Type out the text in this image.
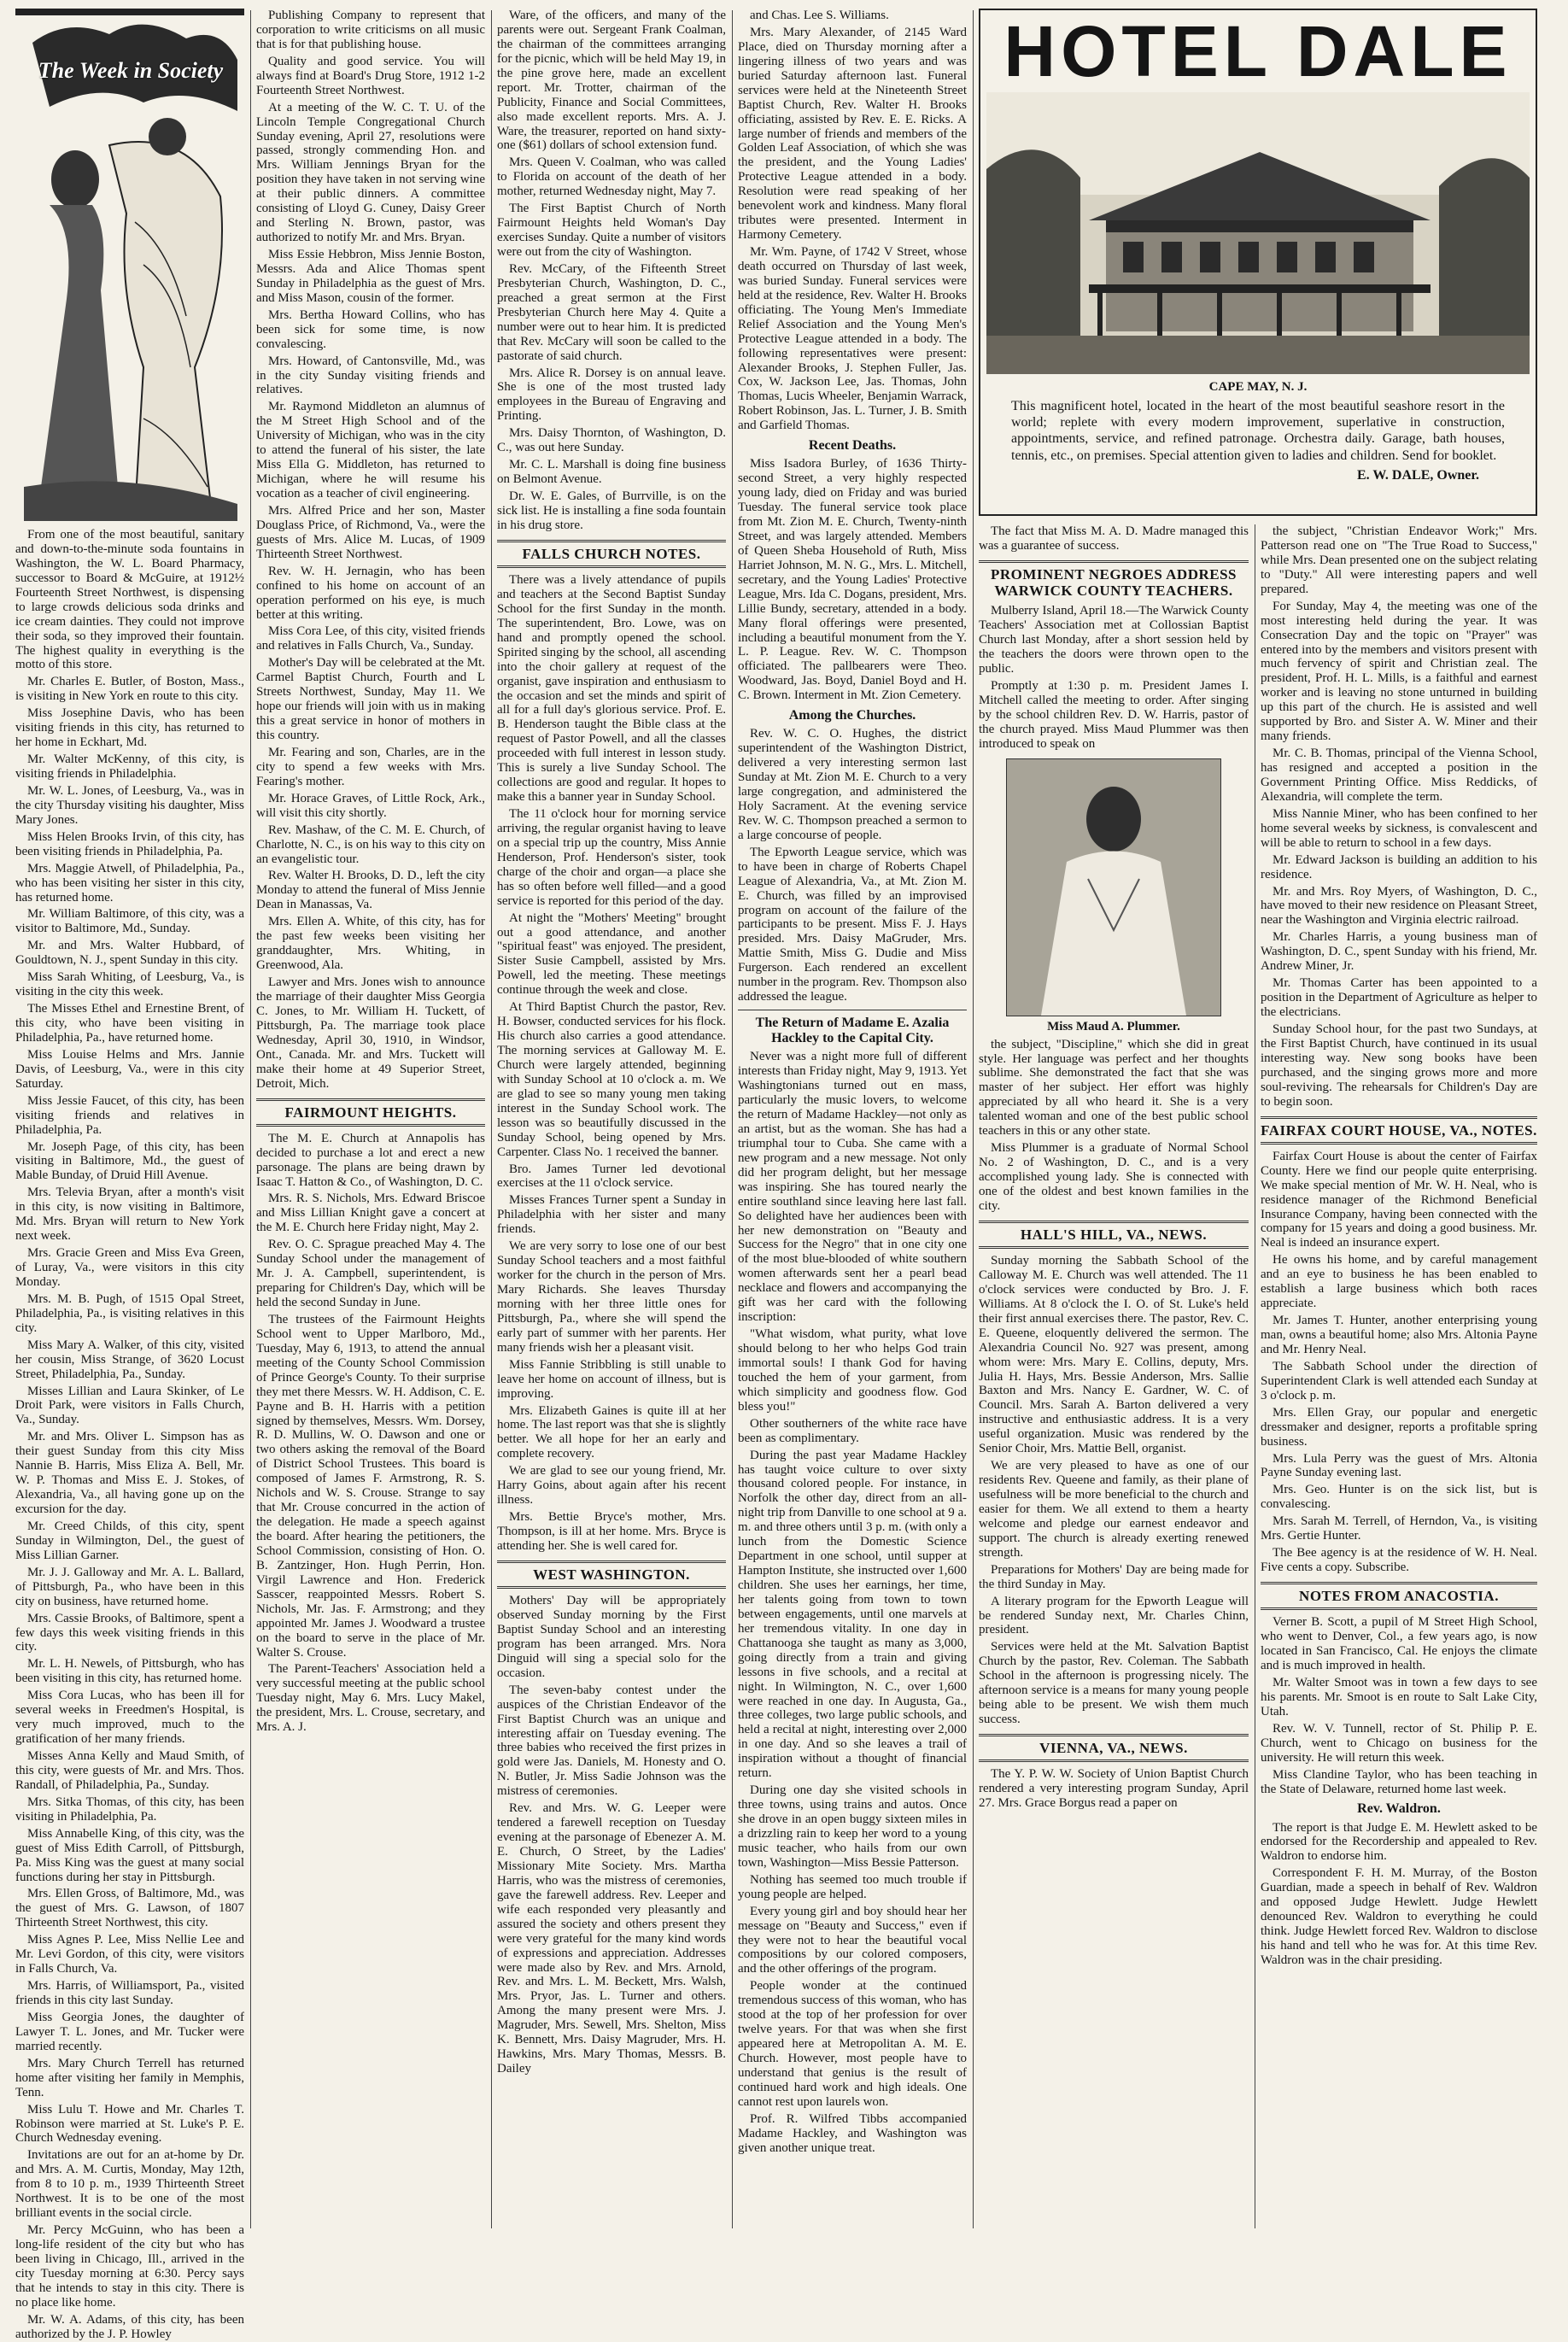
The Week in Society

From one of the most beautiful, sanitary and down-to-the-minute soda fountains in Washington, the W. L. Board Pharmacy, successor to Board & McGuire, at 1912½ Fourteenth Street Northwest, is dispensing to large crowds delicious soda drinks and ice cream dainties. They could not improve their soda, so they improved their fountain. The highest quality in everything is the motto of this store.

Mr. Charles E. Butler, of Boston, Mass., is visiting in New York en route to this city.

Miss Josephine Davis, who has been visiting friends in this city, has returned to her home in Eckhart, Md.

Mr. Walter McKenny, of this city, is visiting friends in Philadelphia.

Mr. W. L. Jones, of Leesburg, Va., was in the city Thursday visiting his daughter, Miss Mary Jones.

Miss Helen Brooks Irvin, of this city, has been visiting friends in Philadelphia, Pa.

Mrs. Maggie Atwell, of Philadelphia, Pa., who has been visiting her sister in this city, has returned home.

Mr. William Baltimore, of this city, was a visitor to Baltimore, Md., Sunday.

Mr. and Mrs. Walter Hubbard, of Gouldtown, N. J., spent Sunday in this city.

Miss Sarah Whiting, of Leesburg, Va., is visiting in the city this week.

The Misses Ethel and Ernestine Brent, of this city, who have been visiting in Philadelphia, Pa., have returned home.

Miss Louise Helms and Mrs. Jannie Davis, of Leesburg, Va., were in this city Saturday.

Miss Jessie Faucet, of this city, has been visiting friends and relatives in Philadelphia, Pa.

Mr. Joseph Page, of this city, has been visiting in Baltimore, Md., the guest of Mable Bunday, of Druid Hill Avenue.

Mrs. Televia Bryan, after a month's visit in this city, is now visiting in Baltimore, Md. Mrs. Bryan will return to New York next week.

Mrs. Gracie Green and Miss Eva Green, of Luray, Va., were visitors in this city Monday.

Mrs. M. B. Pugh, of 1515 Opal Street, Philadelphia, Pa., is visiting relatives in this city.

Miss Mary A. Walker, of this city, visited her cousin, Miss Strange, of 3620 Locust Street, Philadelphia, Pa., Sunday.

Misses Lillian and Laura Skinker, of Le Droit Park, were visitors in Falls Church, Va., Sunday.

Mr. and Mrs. Oliver L. Simpson has as their guest Sunday from this city Miss Nannie B. Harris, Miss Eliza A. Bell, Mr. W. P. Thomas and Miss E. J. Stokes, of Alexandria, Va., all having gone up on the excursion for the day.

Mr. Creed Childs, of this city, spent Sunday in Wilmington, Del., the guest of Miss Lillian Garner.

Mr. J. J. Galloway and Mr. A. L. Ballard, of Pittsburgh, Pa., who have been in this city on business, have returned home.

Mrs. Cassie Brooks, of Baltimore, spent a few days this week visiting friends in this city.

Mr. L. H. Newels, of Pittsburgh, who has been visiting in this city, has returned home.

Miss Cora Lucas, who has been ill for several weeks in Freedmen's Hospital, is very much improved, much to the gratification of her many friends.

Misses Anna Kelly and Maud Smith, of this city, were guests of Mr. and Mrs. Thos. Randall, of Philadelphia, Pa., Sunday.

Mrs. Sitka Thomas, of this city, has been visiting in Philadelphia, Pa.

Miss Annabelle King, of this city, was the guest of Miss Edith Carroll, of Pittsburgh, Pa. Miss King was the guest at many social functions during her stay in Pittsburgh.

Mrs. Ellen Gross, of Baltimore, Md., was the guest of Mrs. G. Lawson, of 1807 Thirteenth Street Northwest, this city.

Miss Agnes P. Lee, Miss Nellie Lee and Mr. Levi Gordon, of this city, were visitors in Falls Church, Va.

Mrs. Harris, of Williamsport, Pa., visited friends in this city last Sunday.

Miss Georgia Jones, the daughter of Lawyer T. L. Jones, and Mr. Tucker were married recently.

Mrs. Mary Church Terrell has returned home after visiting her family in Memphis, Tenn.

Miss Lulu T. Howe and Mr. Charles T. Robinson were married at St. Luke's P. E. Church Wednesday evening.

Invitations are out for an at-home by Dr. and Mrs. A. M. Curtis, Monday, May 12th, from 8 to 10 p. m., 1939 Thirteenth Street Northwest. It is to be one of the most brilliant events in the social circle.

Mr. Percy McGuinn, who has been a long-life resident of the city but who has been living in Chicago, Ill., arrived in the city Tuesday morning at 6:30. Percy says that he intends to stay in this city. There is no place like home.

Mr. W. A. Adams, of this city, has been authorized by the J. P. Howley

Publishing Company to represent that corporation to write criticisms on all music that is for that publishing house.

Quality and good service. You will always find at Board's Drug Store, 1912 1-2 Fourteenth Street Northwest.

At a meeting of the W. C. T. U. of the Lincoln Temple Congregational Church Sunday evening, April 27, resolutions were passed, strongly commending Hon. and Mrs. William Jennings Bryan for the position they have taken in not serving wine at their public dinners. A committee consisting of Lloyd G. Cuney, Daisy Greer and Sterling N. Brown, pastor, was authorized to notify Mr. and Mrs. Bryan.

Miss Essie Hebbron, Miss Jennie Boston, Messrs. Ada and Alice Thomas spent Sunday in Philadelphia as the guest of Mrs. and Miss Mason, cousin of the former.

Mrs. Bertha Howard Collins, who has been sick for some time, is now convalescing.

Mrs. Howard, of Cantonsville, Md., was in the city Sunday visiting friends and relatives.

Mr. Raymond Middleton an alumnus of the M Street High School and of the University of Michigan, who was in the city to attend the funeral of his sister, the late Miss Ella G. Middleton, has returned to Michigan, where he will resume his vocation as a teacher of civil engineering.

Mrs. Alfred Price and her son, Master Douglass Price, of Richmond, Va., were the guests of Mrs. Alice M. Lucas, of 1909 Thirteenth Street Northwest.

Rev. W. H. Jernagin, who has been confined to his home on account of an operation performed on his eye, is much better at this writing.

Miss Cora Lee, of this city, visited friends and relatives in Falls Church, Va., Sunday.

Mother's Day will be celebrated at the Mt. Carmel Baptist Church, Fourth and L Streets Northwest, Sunday, May 11. We hope our friends will join with us in making this a great service in honor of mothers in this country.

Mr. Fearing and son, Charles, are in the city to spend a few weeks with Mrs. Fearing's mother.

Mr. Horace Graves, of Little Rock, Ark., will visit this city shortly.

Rev. Mashaw, of the C. M. E. Church, of Charlotte, N. C., is on his way to this city on an evangelistic tour.

Rev. Walter H. Brooks, D. D., left the city Monday to attend the funeral of Miss Jennie Dean in Manassas, Va.

Mrs. Ellen A. White, of this city, has for the past few weeks been visiting her granddaughter, Mrs. Whiting, in Greenwood, Ala.

Lawyer and Mrs. Jones wish to announce the marriage of their daughter Miss Georgia C. Jones, to Mr. William H. Tuckett, of Pittsburgh, Pa. The marriage took place Wednesday, April 30, 1910, in Windsor, Ont., Canada. Mr. and Mrs. Tuckett will make their home at 49 Superior Street, Detroit, Mich.

FAIRMOUNT HEIGHTS.

The M. E. Church at Annapolis has decided to purchase a lot and erect a new parsonage. The plans are being drawn by Isaac T. Hatton & Co., of Washington, D. C.

Mrs. R. S. Nichols, Mrs. Edward Briscoe and Miss Lillian Knight gave a concert at the M. E. Church here Friday night, May 2.

Rev. O. C. Sprague preached May 4. The Sunday School under the management of Mr. J. A. Campbell, superintendent, is preparing for Children's Day, which will be held the second Sunday in June.

The trustees of the Fairmount Heights School went to Upper Marlboro, Md., Tuesday, May 6, 1913, to attend the annual meeting of the County School Commission of Prince George's County. To their surprise they met there Messrs. W. H. Addison, C. E. Payne and B. H. Harris with a petition signed by themselves, Messrs. Wm. Dorsey, R. D. Mullins, W. O. Dawson and one or two others asking the removal of the Board of District School Trustees. This board is composed of James F. Armstrong, R. S. Nichols and W. S. Crouse. Strange to say that Mr. Crouse concurred in the action of the delegation. He made a speech against the board. After hearing the petitioners, the School Commission, consisting of Hon. O. B. Zantzinger, Hon. Hugh Perrin, Hon. Virgil Lawrence and Hon. Frederick Sasscer, reappointed Messrs. Robert S. Nichols, Mr. Jas. F. Armstrong; and they appointed Mr. James J. Woodward a trustee on the board to serve in the place of Mr. Walter S. Crouse.

The Parent-Teachers' Association held a very successful meeting at the public school Tuesday night, May 6. Mrs. Lucy Makel, the president, Mrs. L. Crouse, secretary, and Mrs. A. J.

Ware, of the officers, and many of the parents were out. Sergeant Frank Coalman, the chairman of the committees arranging for the picnic, which will be held May 19, in the pine grove here, made an excellent report. Mr. Trotter, chairman of the Publicity, Finance and Social Committees, also made excellent reports. Mrs. A. J. Ware, the treasurer, reported on hand sixty-one ($61) dollars of school extension fund.

Mrs. Queen V. Coalman, who was called to Florida on account of the death of her mother, returned Wednesday night, May 7.

The First Baptist Church of North Fairmount Heights held Woman's Day exercises Sunday. Quite a number of visitors were out from the city of Washington.

Rev. McCary, of the Fifteenth Street Presbyterian Church, Washington, D. C., preached a great sermon at the First Presbyterian Church here May 4. Quite a number were out to hear him. It is predicted that Rev. McCary will soon be called to the pastorate of said church.

Mrs. Alice R. Dorsey is on annual leave. She is one of the most trusted lady employees in the Bureau of Engraving and Printing.

Mrs. Daisy Thornton, of Washington, D. C., was out here Sunday.

Mr. C. L. Marshall is doing fine business on Belmont Avenue.

Dr. W. E. Gales, of Burrville, is on the sick list. He is installing a fine soda fountain in his drug store.

FALLS CHURCH NOTES.

There was a lively attendance of pupils and teachers at the Second Baptist Sunday School for the first Sunday in the month. The superintendent, Bro. Lowe, was on hand and promptly opened the school. Spirited singing by the school, all ascending into the choir gallery at request of the organist, gave inspiration and enthusiasm to the occasion and set the minds and spirit of all for a full day's glorious service. Prof. E. B. Henderson taught the Bible class at the request of Pastor Powell, and all the classes proceeded with full interest in lesson study. This is surely a live Sunday School. The collections are good and regular. It hopes to make this a banner year in Sunday School.

The 11 o'clock hour for morning service arriving, the regular organist having to leave on a special trip up the country, Miss Annie Henderson, Prof. Henderson's sister, took charge of the choir and organ—a place she has so often before well filled—and a good service is reported for this period of the day.

At night the "Mothers' Meeting" brought out a good attendance, and another "spiritual feast" was enjoyed. The president, Sister Susie Campbell, assisted by Mrs. Powell, led the meeting. These meetings continue through the week and close.

At Third Baptist Church the pastor, Rev. H. Bowser, conducted services for his flock. His church also carries a good attendance. The morning services at Galloway M. E. Church were largely attended, beginning with Sunday School at 10 o'clock a. m. We are glad to see so many young men taking interest in the Sunday School work. The lesson was so beautifully discussed in the Sunday School, being opened by Mrs. Carpenter. Class No. 1 received the banner.

Bro. James Turner led devotional exercises at the 11 o'clock service.

Misses Frances Turner spent a Sunday in Philadelphia with her sister and many friends.

We are very sorry to lose one of our best Sunday School teachers and a most faithful worker for the church in the person of Mrs. Mary Richards. She leaves Thursday morning with her three little ones for Pittsburgh, Pa., where she will spend the early part of summer with her parents. Her many friends wish her a pleasant visit.

Miss Fannie Stribbling is still unable to leave her home on account of illness, but is improving.

Mrs. Elizabeth Gaines is quite ill at her home. The last report was that she is slightly better. We all hope for her an early and complete recovery.

We are glad to see our young friend, Mr. Harry Goins, about again after his recent illness.

Mrs. Bettie Bryce's mother, Mrs. Thompson, is ill at her home. Mrs. Bryce is attending her. She is well cared for.

WEST WASHINGTON.

Mothers' Day will be appropriately observed Sunday morning by the First Baptist Sunday School and an interesting program has been arranged. Mrs. Nora Dinguid will sing a special solo for the occasion.

The seven-baby contest under the auspices of the Christian Endeavor of the First Baptist Church was an unique and interesting affair on Tuesday evening. The three babies who received the first prizes in gold were Jas. Daniels, M. Honesty and O. N. Butler, Jr. Miss Sadie Johnson was the mistress of ceremonies.

Rev. and Mrs. W. G. Leeper were tendered a farewell reception on Tuesday evening at the parsonage of Ebenezer A. M. E. Church, O Street, by the Ladies' Missionary Mite Society. Mrs. Martha Harris, who was the mistress of ceremonies, gave the farewell address. Rev. Leeper and wife each responded very pleasantly and assured the society and others present they were very grateful for the many kind words of expressions and appreciation. Addresses were made also by Rev. and Mrs. Arnold, Rev. and Mrs. L. M. Beckett, Mrs. Walsh, Mrs. Pryor, Jas. L. Turner and others. Among the many present were Mrs. J. Magruder, Mrs. Sewell, Mrs. Shelton, Miss K. Bennett, Mrs. Daisy Magruder, Mrs. H. Hawkins, Mrs. Mary Thomas, Messrs. B. Dailey

and Chas. Lee S. Williams.

Mrs. Mary Alexander, of 2145 Ward Place, died on Thursday morning after a lingering illness of two years and was buried Saturday afternoon last. Funeral services were held at the Nineteenth Street Baptist Church, Rev. Walter H. Brooks officiating, assisted by Rev. E. E. Ricks. A large number of friends and members of the Golden Leaf Association, of which she was the president, and the Young Ladies' Protective League attended in a body. Resolution were read speaking of her benevolent work and kindness. Many floral tributes were presented. Interment in Harmony Cemetery.

Mr. Wm. Payne, of 1742 V Street, whose death occurred on Thursday of last week, was buried Sunday. Funeral services were held at the residence, Rev. Walter H. Brooks officiating. The Young Men's Immediate Relief Association and the Young Men's Protective League attended in a body. The following representatives were present: Alexander Brooks, J. Stephen Fuller, Jas. Cox, W. Jackson Lee, Jas. Thomas, John Thomas, Lucis Wheeler, Benjamin Warrack, Robert Robinson, Jas. L. Turner, J. B. Smith and Garfield Thomas.

Recent Deaths.

Miss Isadora Burley, of 1636 Thirty-second Street, a very highly respected young lady, died on Friday and was buried Tuesday. The funeral service took place from Mt. Zion M. E. Church, Twenty-ninth Street, and was largely attended. Members of Queen Sheba Household of Ruth, Miss Harriet Johnson, M. N. G., Mrs. L. Mitchell, secretary, and the Young Ladies' Protective League, Mrs. Ida C. Dogans, president, Mrs. Lillie Bundy, secretary, attended in a body. Many floral offerings were presented, including a beautiful monument from the Y. L. P. League. Rev. W. C. Thompson officiated. The pallbearers were Theo. Woodward, Jas. Boyd, Daniel Boyd and H. C. Brown. Interment in Mt. Zion Cemetery.

Among the Churches.

Rev. W. C. O. Hughes, the district superintendent of the Washington District, delivered a very interesting sermon last Sunday at Mt. Zion M. E. Church to a very large congregation, and administered the Holy Sacrament. At the evening service Rev. W. C. Thompson preached a sermon to a large concourse of people.

The Epworth League service, which was to have been in charge of Roberts Chapel League of Alexandria, Va., at Mt. Zion M. E. Church, was filled by an improvised program on account of the failure of the participants to be present. Miss F. J. Hays presided. Mrs. Daisy MaGruder, Mrs. Mattie Smith, Miss G. Dudie and Miss Furgerson. Each rendered an excellent number in the program. Rev. Thompson also addressed the league.

The Return of Madame E. Azalia Hackley to the Capital City.

Never was a night more full of different interests than Friday night, May 9, 1913. Yet Washingtonians turned out en mass, particularly the music lovers, to welcome the return of Madame Hackley—not only as an artist, but as the woman. She has had a triumphal tour to Cuba. She came with a new program and a new message. Not only did her program delight, but her message was inspiring. She has toured nearly the entire southland since leaving here last fall. So delighted have her audiences been with her new demonstration on "Beauty and Success for the Negro" that in one city one of the most blue-blooded of white southern women afterwards sent her a pearl bead necklace and flowers and accompanying the gift was her card with the following inscription:

"What wisdom, what purity, what love should belong to her who helps God train immortal souls! I thank God for having touched the hem of your garment, from which simplicity and goodness flow. God bless you!"

Other southerners of the white race have been as complimentary.

During the past year Madame Hackley has taught voice culture to over sixty thousand colored people. For instance, in Norfolk the other day, direct from an all-night trip from Danville to one school at 9 a. m. and three others until 3 p. m. (with only a lunch from the Domestic Science Department in one school, until supper at Hampton Institute, she instructed over 1,600 children. She uses her earnings, her time, her talents going from town to town between engagements, until one marvels at her tremendous vitality. In one day in Chattanooga she taught as many as 3,000, going directly from a train and giving lessons in five schools, and a recital at night. In Wilmington, N. C., over 1,600 were reached in one day. In Augusta, Ga., three colleges, two large public schools, and held a recital at night, interesting over 2,000 in one day. And so she leaves a trail of inspiration without a thought of financial return.

During one day she visited schools in three towns, using trains and autos. Once she drove in an open buggy sixteen miles in a drizzling rain to keep her word to a young music teacher, who hails from our own town, Washington—Miss Bessie Patterson.

Nothing has seemed too much trouble if young people are helped.

Every young girl and boy should hear her message on "Beauty and Success," even if they were not to hear the beautiful vocal compositions by our colored composers, and the other offerings of the program.

People wonder at the continued tremendous success of this woman, who has stood at the top of her profession for over twelve years. For that was when she first appeared here at Metropolitan A. M. E. Church. However, most people have to understand that genius is the result of continued hard work and high ideals. One cannot rest upon laurels won.

Prof. R. Wilfred Tibbs accompanied Madame Hackley, and Washington was given another unique treat.

HOTEL DALE
CAPE MAY, N. J.
This magnificent hotel, located in the heart of the most beautiful seashore resort in the world; replete with every modern improvement, superlative in construction, appointments, service, and refined patronage. Orchestra daily. Garage, bath houses, tennis, etc., on premises. Special attention given to ladies and children. Send for booklet.
E. W. DALE, Owner.

The fact that Miss M. A. D. Madre managed this was a guarantee of success.

PROMINENT NEGROES ADDRESS WARWICK COUNTY TEACHERS.

Mulberry Island, April 18.—The Warwick County Teachers' Association met at Collossian Baptist Church last Monday, after a short session held by the teachers the doors were thrown open to the public.

Promptly at 1:30 p. m. President James I. Mitchell called the meeting to order. After singing by the school children Rev. D. W. Harris, pastor of the church prayed. Miss Maud Plummer was then introduced to speak on

Miss Maud A. Plummer.

the subject, "Discipline," which she did in great style. Her language was perfect and her thoughts sublime. She demonstrated the fact that she was master of her subject. Her effort was highly appreciated by all who heard it. She is a very talented woman and one of the best public school teachers in this or any other state.

Miss Plummer is a graduate of Normal School No. 2 of Washington, D. C., and is a very accomplished young lady. She is connected with one of the oldest and best known families in the city.

HALL'S HILL, VA., NEWS.

Sunday morning the Sabbath School of the Calloway M. E. Church was well attended. The 11 o'clock services were conducted by Bro. J. F. Williams. At 8 o'clock the I. O. of St. Luke's held their first annual exercises there. The pastor, Rev. C. E. Queene, eloquently delivered the sermon. The Alexandria Council No. 927 was present, among whom were: Mrs. Mary E. Collins, deputy, Mrs. Julia H. Hays, Mrs. Bessie Anderson, Mrs. Sallie Baxton and Mrs. Nancy E. Gardner, W. C. of Council. Mrs. Sarah A. Barton delivered a very instructive and enthusiastic address. It is a very useful organization. Music was rendered by the Senior Choir, Mrs. Mattie Bell, organist.

We are very pleased to have as one of our residents Rev. Queene and family, as their plane of usefulness will be more beneficial to the church and easier for them. We all extend to them a hearty welcome and pledge our earnest endeavor and support. The church is already exerting renewed strength.

Preparations for Mothers' Day are being made for the third Sunday in May.

A literary program for the Epworth League will be rendered Sunday next, Mr. Charles Chinn, president.

Services were held at the Mt. Salvation Baptist Church by the pastor, Rev. Coleman. The Sabbath School in the afternoon is progressing nicely. The afternoon service is a means for many young people being able to be present. We wish them much success.

VIENNA, VA., NEWS.

The Y. P. W. W. Society of Union Baptist Church rendered a very interesting program Sunday, April 27. Mrs. Grace Borgus read a paper on

the subject, "Christian Endeavor Work;" Mrs. Patterson read one on "The True Road to Success," while Mrs. Dean presented one on the subject relating to "Duty." All were interesting papers and well prepared.

For Sunday, May 4, the meeting was one of the most interesting held during the year. It was Consecration Day and the topic on "Prayer" was entered into by the members and visitors present with much fervency of spirit and Christian zeal. The president, Prof. H. L. Mills, is a faithful and earnest worker and is leaving no stone unturned in building up this part of the church. He is assisted and well supported by Bro. and Sister A. W. Miner and their many friends.

Mr. C. B. Thomas, principal of the Vienna School, has resigned and accepted a position in the Government Printing Office. Miss Reddicks, of Alexandria, will complete the term.

Miss Nannie Miner, who has been confined to her home several weeks by sickness, is convalescent and will be able to return to school in a few days.

Mr. Edward Jackson is building an addition to his residence.

Mr. and Mrs. Roy Myers, of Washington, D. C., have moved to their new residence on Pleasant Street, near the Washington and Virginia electric railroad.

Mr. Charles Harris, a young business man of Washington, D. C., spent Sunday with his friend, Mr. Andrew Miner, Jr.

Mr. Thomas Carter has been appointed to a position in the Department of Agriculture as helper to the electricians.

Sunday School hour, for the past two Sundays, at the First Baptist Church, have continued in its usual interesting way. New song books have been purchased, and the singing grows more and more soul-reviving. The rehearsals for Children's Day are to begin soon.

FAIRFAX COURT HOUSE, VA., NOTES.

Fairfax Court House is about the center of Fairfax County. Here we find our people quite enterprising. We make special mention of Mr. W. H. Neal, who is residence manager of the Richmond Beneficial Insurance Company, having been connected with the company for 15 years and doing a good business. Mr. Neal is indeed an insurance expert.

He owns his home, and by careful management and an eye to business he has been enabled to establish a large business which both races appreciate.

Mr. James T. Hunter, another enterprising young man, owns a beautiful home; also Mrs. Altonia Payne and Mr. Henry Neal.

The Sabbath School under the direction of Superintendent Clark is well attended each Sunday at 3 o'clock p. m.

Mrs. Ellen Gray, our popular and energetic dressmaker and designer, reports a profitable spring business.

Mrs. Lula Perry was the guest of Mrs. Altonia Payne Sunday evening last.

Mrs. Geo. Hunter is on the sick list, but is convalescing.

Mrs. Sarah M. Terrell, of Herndon, Va., is visiting Mrs. Gertie Hunter.

The Bee agency is at the residence of W. H. Neal. Five cents a copy. Subscribe.

NOTES FROM ANACOSTIA.

Verner B. Scott, a pupil of M Street High School, who went to Denver, Col., a few years ago, is now located in San Francisco, Cal. He enjoys the climate and is much improved in health.

Mr. Walter Smoot was in town a few days to see his parents. Mr. Smoot is en route to Salt Lake City, Utah.

Rev. W. V. Tunnell, rector of St. Philip P. E. Church, went to Chicago on business for the university. He will return this week.

Miss Clandine Taylor, who has been teaching in the State of Delaware, returned home last week.

Rev. Waldron.

The report is that Judge E. M. Hewlett asked to be endorsed for the Recordership and appealed to Rev. Waldron to endorse him.

Correspondent F. H. M. Murray, of the Boston Guardian, made a speech in behalf of Rev. Waldron and opposed Judge Hewlett. Judge Hewlett denounced Rev. Waldron to everything he could think. Judge Hewlett forced Rev. Waldron to disclose his hand and tell who he was for. At this time Rev. Waldron was in the chair presiding.
